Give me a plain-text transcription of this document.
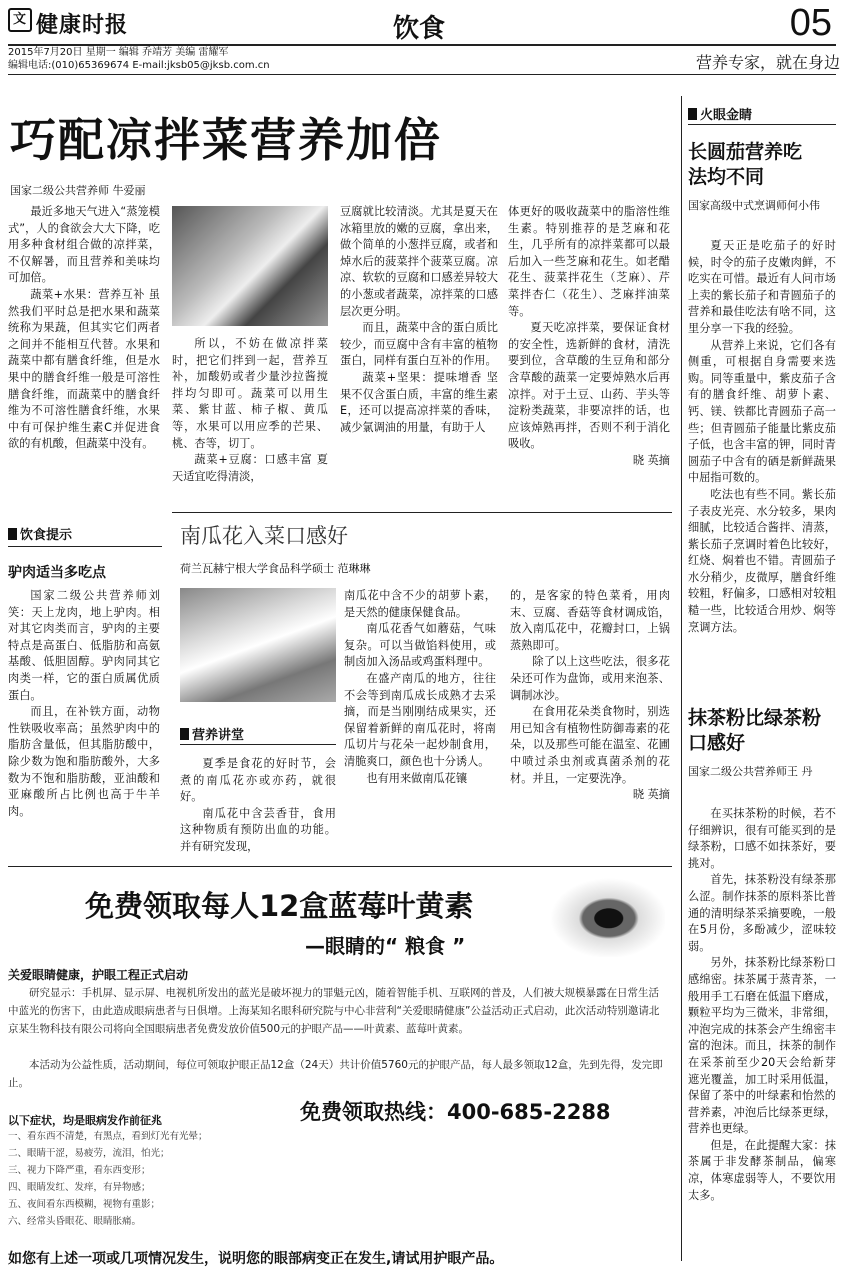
文 健康时报	饮食	05
2015年7月20日 星期一 编辑 乔靖芳 美编 雷耀军
编辑电话:(010)65369674 E-mail:jksb05@jksb.com.cn	营养专家，就在身边
巧配凉拌菜营养加倍
国家二级公共营养师 牛爱丽

最近多地天气进入“蒸笼模式”，人的食欲会大大下降，吃用多种食材组合做的凉拌菜，不仅解暑，而且营养和美味均可加倍。

蔬菜+水果：营养互补 虽然我们平时总是把水果和蔬菜统称为果蔬，但其实它们两者之间并不能相互代替。水果和蔬菜中都有膳食纤维，但是水果中的膳食纤维一般是可溶性膳食纤维，而蔬菜中的膳食纤维为不可溶性膳食纤维，水果中有可保护维生素C并促进食欲的有机酸，但蔬菜中没有。

所以，不妨在做凉拌菜时，把它们拌到一起，营养互补，加酸奶或者少量沙拉酱搅拌均匀即可。蔬菜可以用生菜、紫甘蓝、柿子椒、黄瓜等，水果可以用应季的芒果、桃、杏等，切丁。

蔬菜+豆腐：口感丰富 夏天适宜吃得清淡，

豆腐就比较清淡。尤其是夏天在冰箱里放的嫩的豆腐，拿出来，做个简单的小葱拌豆腐，或者和焯水后的菠菜拌个菠菜豆腐。凉凉、软软的豆腐和口感差异较大的小葱或者蔬菜，凉拌菜的口感层次更分明。

而且，蔬菜中含的蛋白质比较少，而豆腐中含有丰富的植物蛋白，同样有蛋白互补的作用。

蔬菜+坚果：提味增香 坚果不仅含蛋白质，丰富的维生素E，还可以提高凉拌菜的香味，减少氯调油的用量，有助于人

体更好的吸收蔬菜中的脂溶性维生素。特别推荐的是芝麻和花生，几乎所有的凉拌菜都可以最后加入一些芝麻和花生。如老醋花生、菠菜拌花生（芝麻）、芹菜拌杏仁（花生）、芝麻拌油菜等。

夏天吃凉拌菜，要保证食材的安全性，选新鲜的食材，清洗要到位，含草酸的生豆角和部分含草酸的蔬菜一定要焯熟水后再凉拌。对于土豆、山药、芋头等淀粉类蔬菜，非要凉拌的话，也应该焯熟再拌，否则不利于消化吸收。

晓 英摘

饮食提示
驴肉适当多吃点

国家二级公共营养师刘笑：天上龙肉，地上驴肉。相对其它肉类而言，驴肉的主要特点是高蛋白、低脂肪和高氨基酸、低胆固醇。驴肉同其它肉类一样，它的蛋白质属优质蛋白。

而且，在补铁方面，动物性铁吸收率高；虽然驴肉中的脂肪含量低，但其脂肪酸中，除少数为饱和脂肪酸外，大多数为不饱和脂肪酸，亚油酸和亚麻酸所占比例也高于牛羊肉。

南瓜花入菜口感好
荷兰瓦赫宁根大学食品科学硕士 范琳琳
营养讲堂

夏季是食花的好时节，会煮的南瓜花亦或亦药，就很好。

南瓜花中含芸香苷，食用这种物质有预防出血的功能。并有研究发现，

南瓜花中含不少的胡萝卜素，是天然的健康保健食品。

南瓜花香气如蘑菇，气味复杂。可以当做馅料使用，或制卤加入汤品或鸡蛋料理中。

在盛产南瓜的地方，往往不会等到南瓜成长成熟才去采摘，而是当刚刚结成果实，还保留着新鲜的南瓜花时，将南瓜切片与花朵一起炒制食用，清脆爽口，颜色也十分诱人。

也有用来做南瓜花镶

的，是客家的特色菜肴，用肉末、豆腐、香菇等食材调成馅，放入南瓜花中，花瓣封口，上锅蒸熟即可。

除了以上这些吃法，很多花朵还可作为盘饰，或用来泡茶、调制冰沙。

在食用花朵类食物时，别选用已知含有植物性防御毒素的花朵，以及那些可能在温室、花圃中喷过杀虫剂或真菌杀剂的花材。并且，一定要洗净。

晓 英摘

火眼金睛
长圆茄营养吃法均不同
国家高级中式烹调师何小伟

夏天正是吃茄子的好时候，时令的茄子皮嫩肉鲜，不吃实在可惜。最近有人问市场上卖的紫长茄子和青圆茄子的营养和最佳吃法有啥不同，这里分享一下我的经验。

从营养上来说，它们各有侧重，可根据自身需要来选购。同等重量中，紫皮茄子含有的膳食纤维、胡萝卜素、钙、镁、铁都比青圆茄子高一些；但青圆茄子能量比紫皮茄子低，也含丰富的钾，同时青圆茄子中含有的硒是新鲜蔬果中屈指可数的。

吃法也有些不同。紫长茄子表皮光亮、水分较多，果肉细腻，比较适合酱拌、清蒸，紫长茄子烹调时着色比较好，红烧、焖着也不错。青圆茄子水分稍少，皮微厚，膳食纤维较粗，籽偏多，口感相对较粗糙一些，比较适合用炒、焖等烹调方法。

抹茶粉比绿茶粉口感好
国家二级公共营养师王 丹

在买抹茶粉的时候，若不仔细辨识，很有可能买到的是绿茶粉，口感不如抹茶好，要挑对。

首先，抹茶粉没有绿茶那么涩。制作抹茶的原料茶比普通的清明绿茶采摘要晚，一般在5月份，多酚减少，涩味较弱。

另外，抹茶粉比绿茶粉口感绵密。抹茶属于蒸青茶，一般用手工石磨在低温下磨成，颗粒平均为三微米，非常细，冲泡完成的抹茶会产生绵密丰富的泡沫。而且，抹茶的制作在采茶前至少20天会给新芽遮光覆盖，加工时采用低温，保留了茶中的叶绿素和怡然的营养素，冲泡后比绿茶更绿，营养也更绿。

但是，在此提醒大家：抹茶属于非发酵茶制品，偏寒凉，体寒虚弱等人，不要饮用太多。

免费领取每人12盒蓝莓叶黄素
—眼睛的“ 粮食 ”
关爱眼睛健康，护眼工程正式启动
研究显示：手机屏、显示屏、电视机所发出的蓝光是破坏视力的罪魁元凶，随着智能手机、互联网的普及，人们被大规模暴露在日常生活中蓝光的伤害下，由此造成眼病患者与日俱增。上海某知名眼科研究院与中心非营利“关爱眼睛健康”公益活动正式启动，此次活动特别邀请北京某生物科技有限公司将向全国眼病患者免费发放价值500元的护眼产品——叶黄素、蓝莓叶黄素。
本活动为公益性质，活动期间，每位可领取护眼正品12盒（24天）共计价值5760元的护眼产品，每人最多领取12盒，先到先得，发完即止。
免费领取热线：400-685-2288
以下症状，均是眼病发作前征兆
一、看东西不清楚，有黑点，看到灯光有光晕；
二、眼睛干涩，易疲劳，流泪，怕光；
三、视力下降严重，看东西变形；
四、眼睛发红、发痒，有异物感；
五、夜间看东西模糊，视物有重影；
六、经常头昏眼花、眼睛胀痛。
如您有上述一项或几项情况发生，说明您的眼部病变正在发生,请试用护眼产品。
